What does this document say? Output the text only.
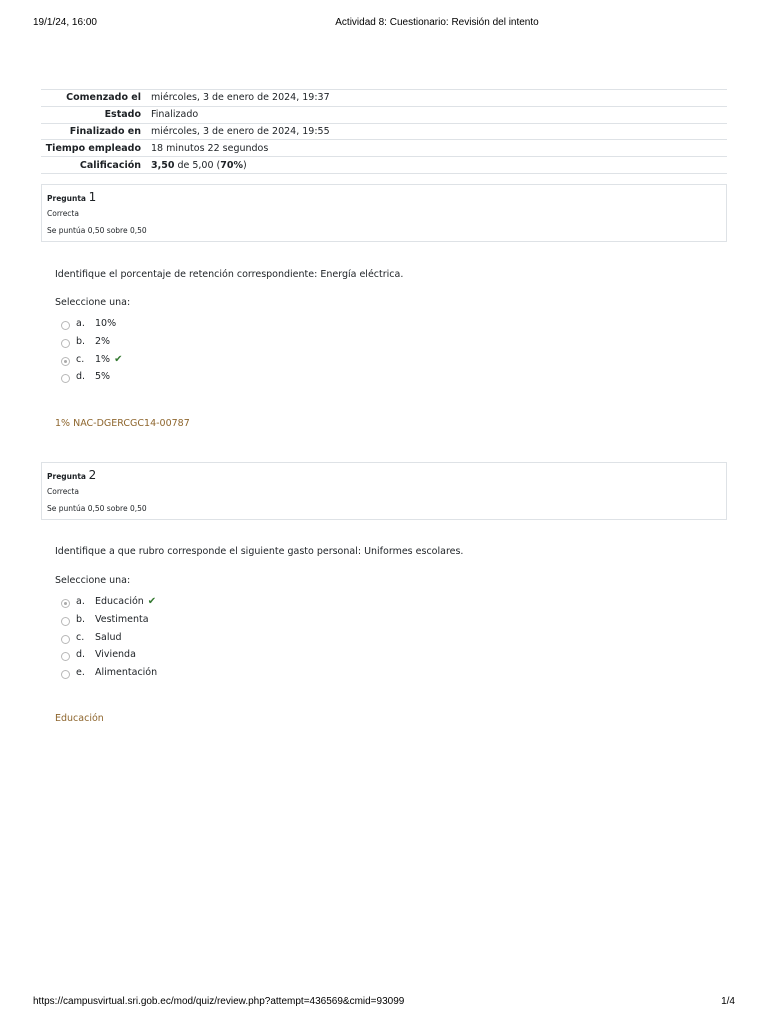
19/1/24, 16:00	Actividad 8: Cuestionario: Revisión del intento
Comenzado el	miércoles, 3 de enero de 2024, 19:37
Estado	Finalizado
Finalizado en	miércoles, 3 de enero de 2024, 19:55
Tiempo empleado	18 minutos 22 segundos
Calificación	3,50 de 5,00 (70%)
Pregunta 1
Correcta
Se puntúa 0,50 sobre 0,50
Identifique el porcentaje de retención correspondiente: Energía eléctrica.
Seleccione una:
a. 10%
b. 2%
c. 1% ✔
d. 5%
1% NAC-DGERCGC14-00787
Pregunta 2
Correcta
Se puntúa 0,50 sobre 0,50
Identifique a que rubro corresponde el siguiente gasto personal: Uniformes escolares.
Seleccione una:
a. Educación ✔
b. Vestimenta
c. Salud
d. Vivienda
e. Alimentación
Educación
https://campusvirtual.sri.gob.ec/mod/quiz/review.php?attempt=436569&cmid=93099	1/4
